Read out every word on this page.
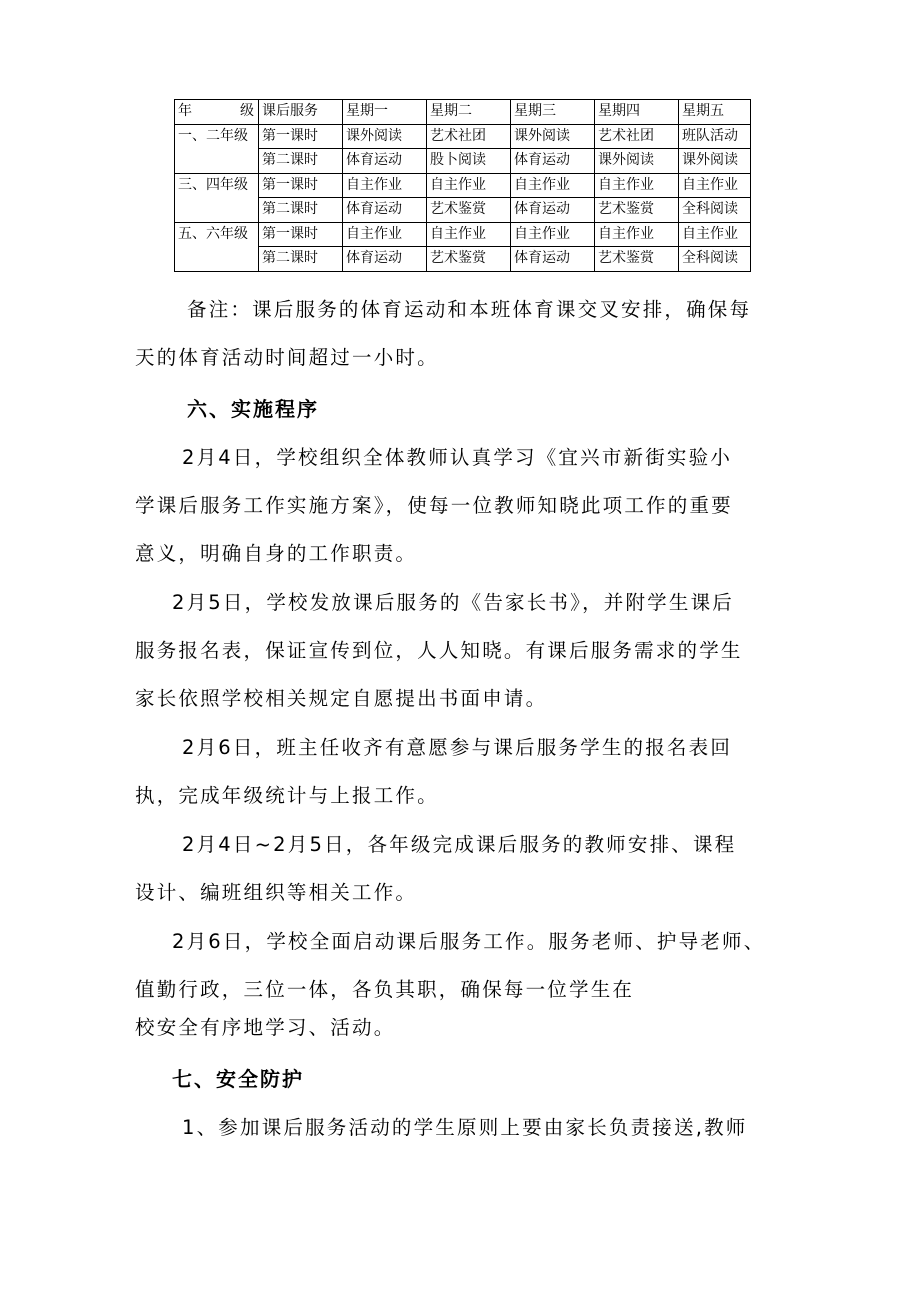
年 级	课后服务	星期一	星期二	星期三	星期四	星期五
一、二年级	第一课时	课外阅读	艺术社团	课外阅读	艺术社团	班队活动
	第二课时	体育运动	股卜阅读	体育运动	课外阅读	课外阅读
三、四年级	第一课时	自主作业	自主作业	自主作业	自主作业	自主作业
	第二课时	体育运动	艺术鉴赏	体育运动	艺术鉴赏	全科阅读
五、六年级	第一课时	自主作业	自主作业	自主作业	自主作业	自主作业
	第二课时	体育运动	艺术鉴赏	体育运动	艺术鉴赏	全科阅读

备注：课后服务的体育运动和本班体育课交叉安排，确保每

天的体育活动时间超过一小时。

六、实施程序

2月4日，学校组织全体教师认真学习《宜兴市新街实验小

学课后服务工作实施方案》，使每一位教师知晓此项工作的重要

意义，明确自身的工作职责。

2月5日，学校发放课后服务的《告家长书》，并附学生课后

服务报名表，保证宣传到位，人人知晓。有课后服务需求的学生

家长依照学校相关规定自愿提出书面申请。

2月6日，班主任收齐有意愿参与课后服务学生的报名表回

执，完成年级统计与上报工作。

2月4日~2月5日，各年级完成课后服务的教师安排、课程

设计、编班组织等相关工作。

2月6日，学校全面启动课后服务工作。服务老师、护导老师、

值勤行政，三位一体，各负其职，确保每一位学生在

校安全有序地学习、活动。

七、安全防护

1、参加课后服务活动的学生原则上要由家长负责接送,教师
